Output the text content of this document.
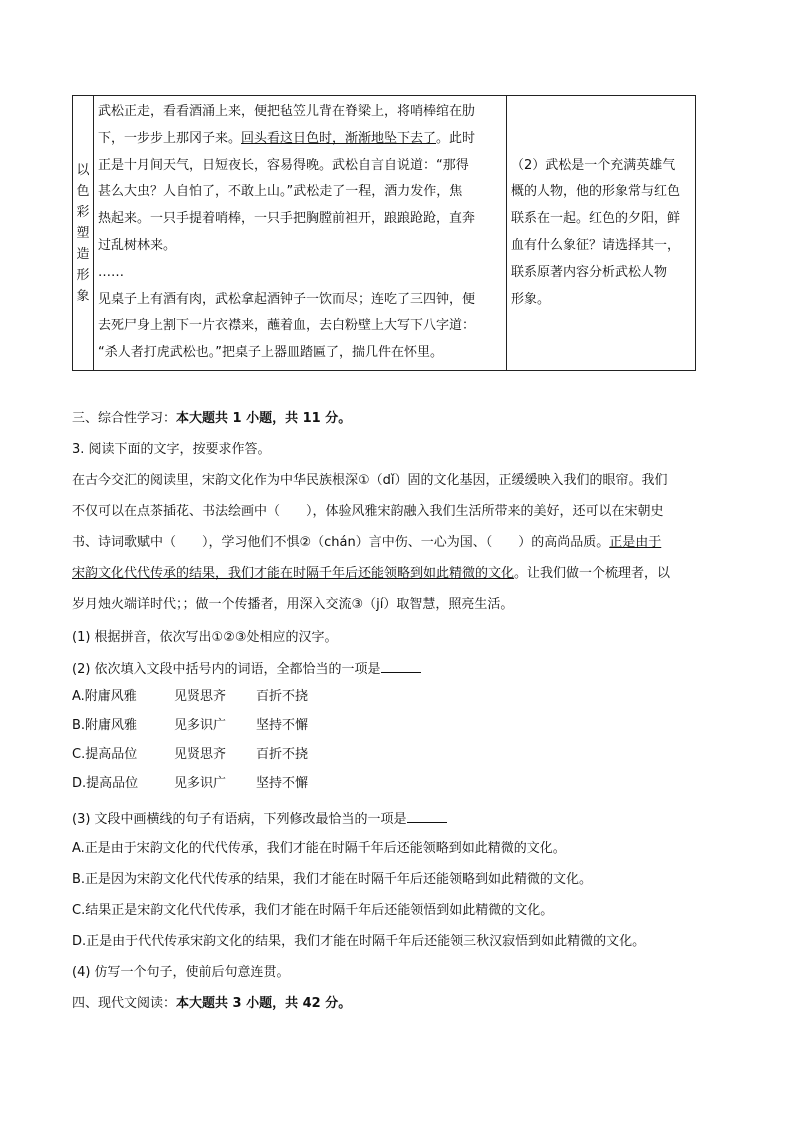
以
色
彩
塑
造
形
象

武松正走，看看酒涌上来，便把毡笠儿背在脊梁上，将哨棒绾在肋
下，一步步上那冈子来。回头看这日色时，渐渐地坠下去了。此时
正是十月间天气，日短夜长，容易得晚。武松自言自说道：“那得
甚么大虫？人自怕了，不敢上山。”武松走了一程，酒力发作，焦
热起来。一只手提着哨棒，一只手把胸膛前袒开，踉踉跄跄，直奔
过乱树林来。
……
见桌子上有酒有肉，武松拿起酒钟子一饮而尽；连吃了三四钟，便
去死尸身上割下一片衣襟来，蘸着血，去白粉壁上大写下八字道：
“杀人者打虎武松也。”把桌子上器皿踏匾了，揣几件在怀里。

（2）武松是一个充满英雄气
概的人物，他的形象常与红色
联系在一起。红色的夕阳，鲜
血有什么象征？请选择其一，
联系原著内容分析武松人物
形象。
三、综合性学习：本大题共 1 小题，共 11 分。
3. 阅读下面的文字，按要求作答。
在古今交汇的阅读里，宋韵文化作为中华民族根深①（dǐ）固的文化基因，正缓缓映入我们的眼帘。我们
不仅可以在点茶插花、书法绘画中（　　），体验风雅宋韵融入我们生活所带来的美好，还可以在宋朝史
书、诗词歌赋中（　　），学习他们不惧②（chán）言中伤、一心为国、（　　）的高尚品质。正是由于
宋韵文化代代传承的结果，我们才能在时隔千年后还能领略到如此精微的文化。让我们做一个梳理者，以
岁月烛火端详时代；；做一个传播者，用深入交流③（jí）取智慧，照亮生活。
(1) 根据拼音，依次写出①②③处相应的汉字。
(2) 依次填入文段中括号内的词语，全都恰当的一项是
A.附庸风雅	见贤思齐 百折不挠
B.附庸风雅	见多识广 坚持不懈
C.提高品位	见贤思齐 百折不挠
D.提高品位	见多识广 坚持不懈
(3) 文段中画横线的句子有语病，下列修改最恰当的一项是
A.正是由于宋韵文化的代代传承，我们才能在时隔千年后还能领略到如此精微的文化。
B.正是因为宋韵文化代代传承的结果，我们才能在时隔千年后还能领略到如此精微的文化。
C.结果正是宋韵文化代代传承，我们才能在时隔千年后还能领悟到如此精微的文化。
D.正是由于代代传承宋韵文化的结果，我们才能在时隔千年后还能领三秋汉寂悟到如此精微的文化。
(4) 仿写一个句子，使前后句意连贯。
四、现代文阅读：本大题共 3 小题，共 42 分。
